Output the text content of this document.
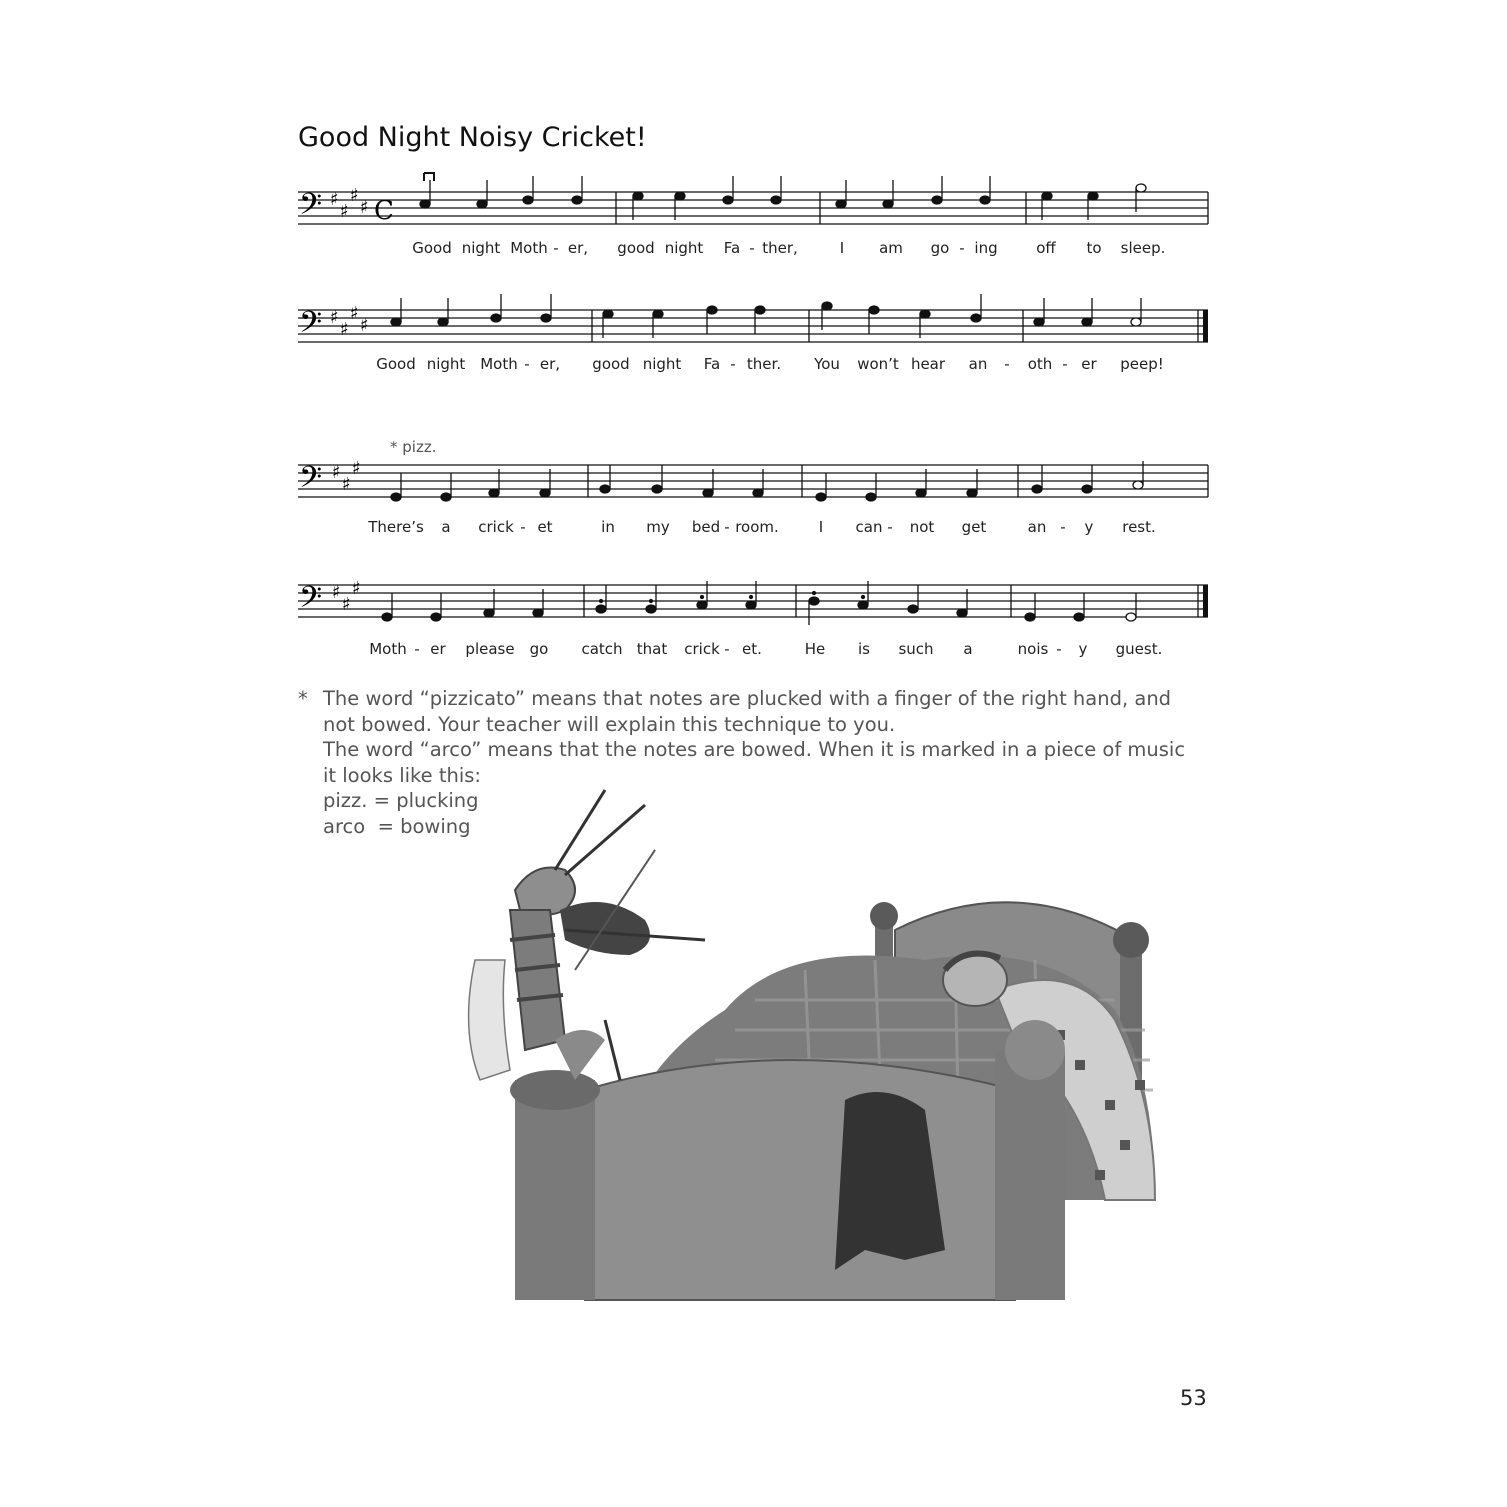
Good Night Noisy Cricket!
𝄢 ♯
♯
♯
♯ C
Good night Moth - er, good night Fa - ther,	I am go - ing	off to sleep.
𝄢 ♯
♯
♯
♯
Good night Moth - er, good night Fa - ther. You won’t hear an - oth - er peep!
* pizz.
𝄢 ♯
♯
♯
There’s a crick - et	in my bed - room.	I can - not get	an - y rest.
𝄢 ♯
♯
♯
Moth - er please go catch that crick - et.	He is such a	nois - y guest.
* The word “pizzicato” means that notes are plucked with a finger of the right hand, and
not bowed. Your teacher will explain this technique to you.
The word “arco” means that the notes are bowed. When it is marked in a piece of music
it looks like this:
pizz. = plucking
arco  = bowing
53
